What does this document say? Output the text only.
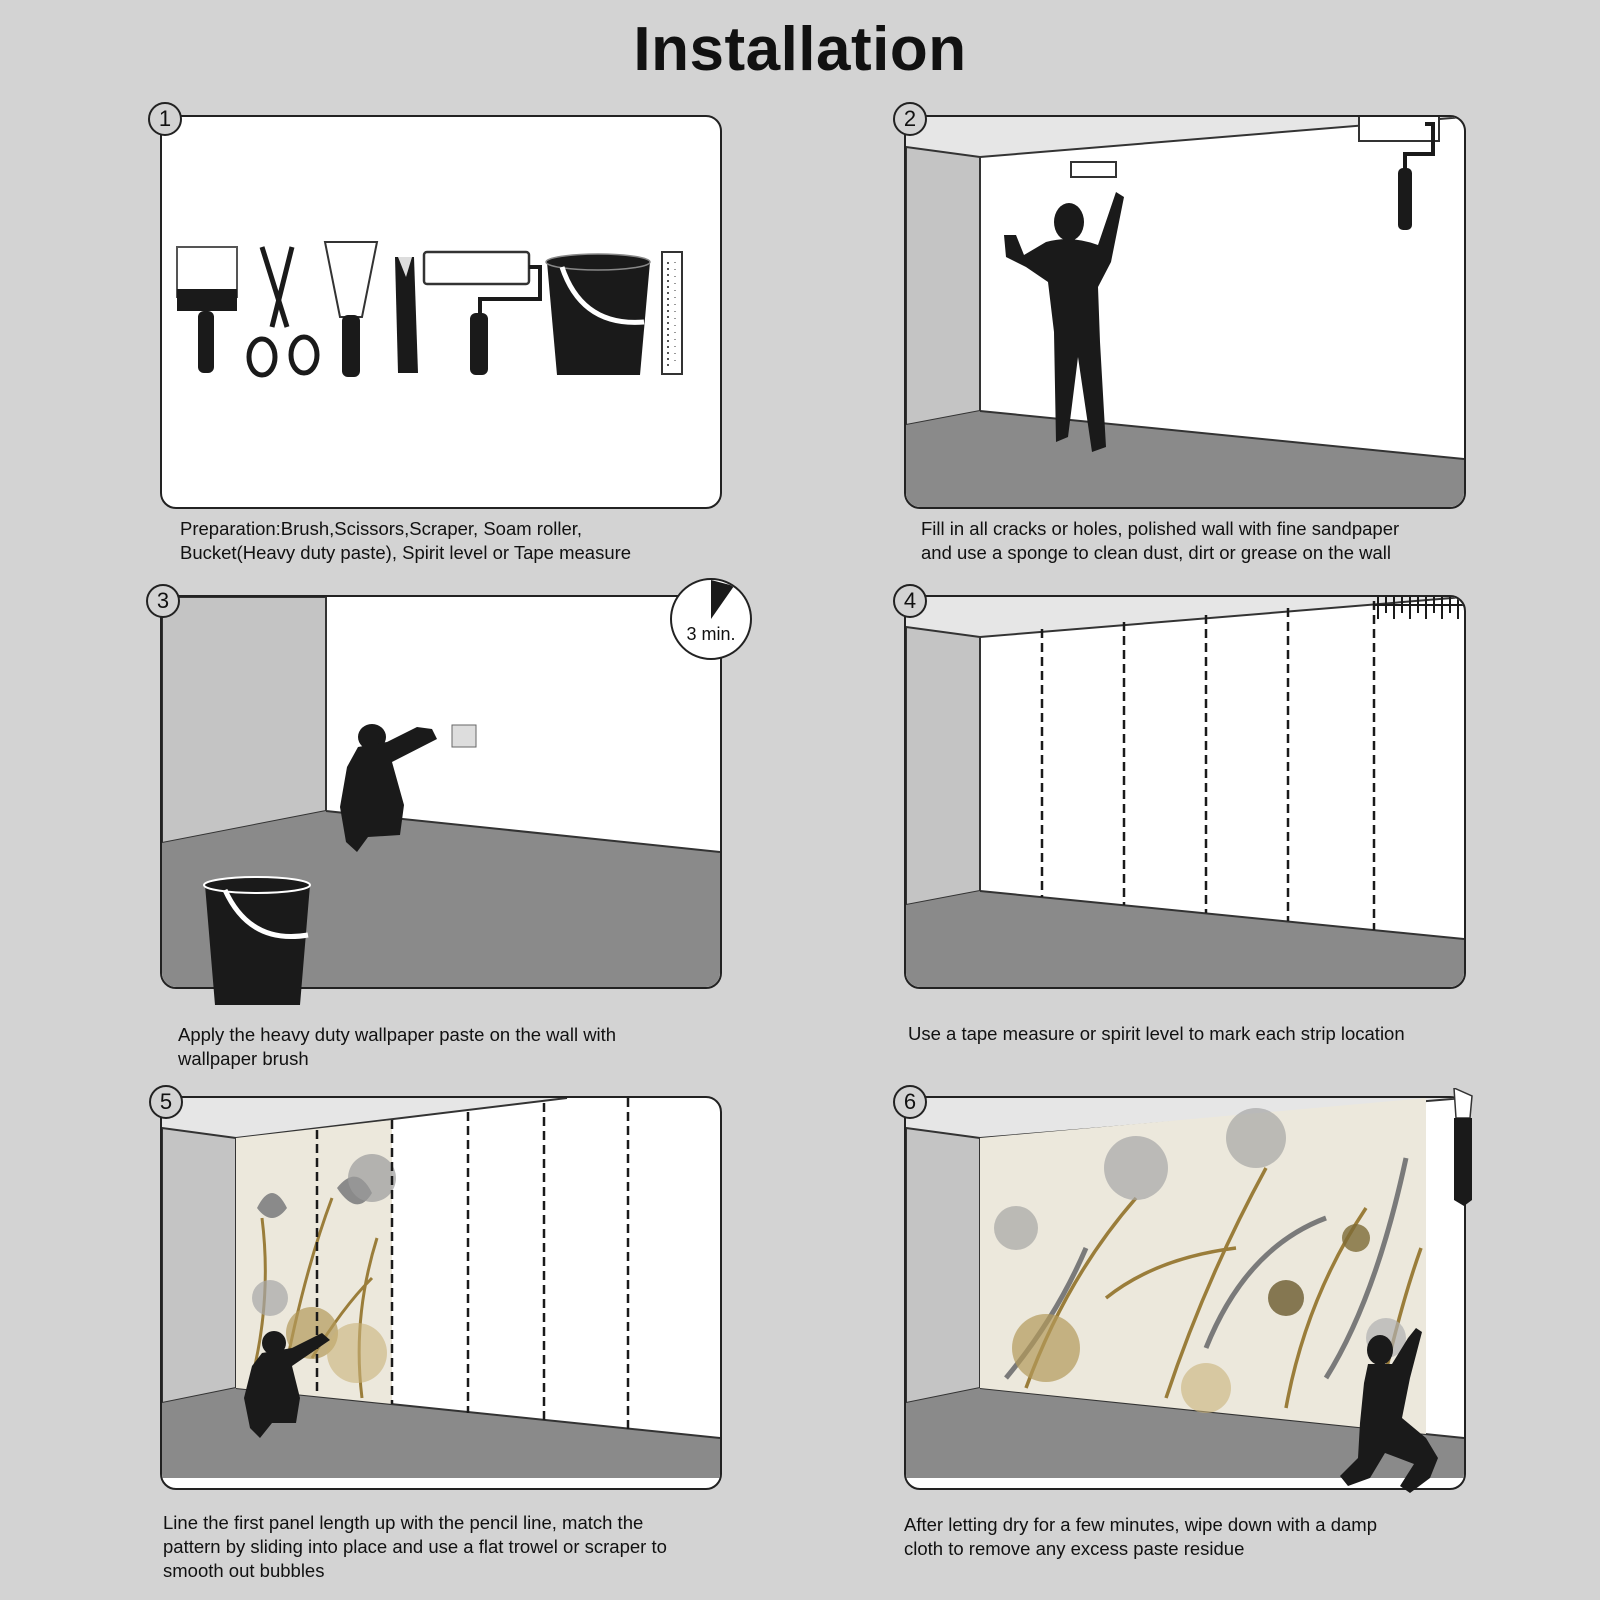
Installation
1
Preparation:Brush,Scissors,Scraper, Soam roller,
Bucket(Heavy duty paste), Spirit level or Tape measure
2
Fill in all cracks or holes, polished wall with fine sandpaper
and use a sponge to clean dust, dirt or grease on the wall
3 min.
3
Apply the heavy duty wallpaper paste on the wall with
wallpaper brush
4
Use a tape measure or spirit level to mark each strip location
5
Line the first panel length up with the pencil line, match the
pattern by sliding into place and use a flat trowel or scraper to
smooth out bubbles
6
After letting dry for a few minutes, wipe down with a damp
cloth to remove any excess paste residue
